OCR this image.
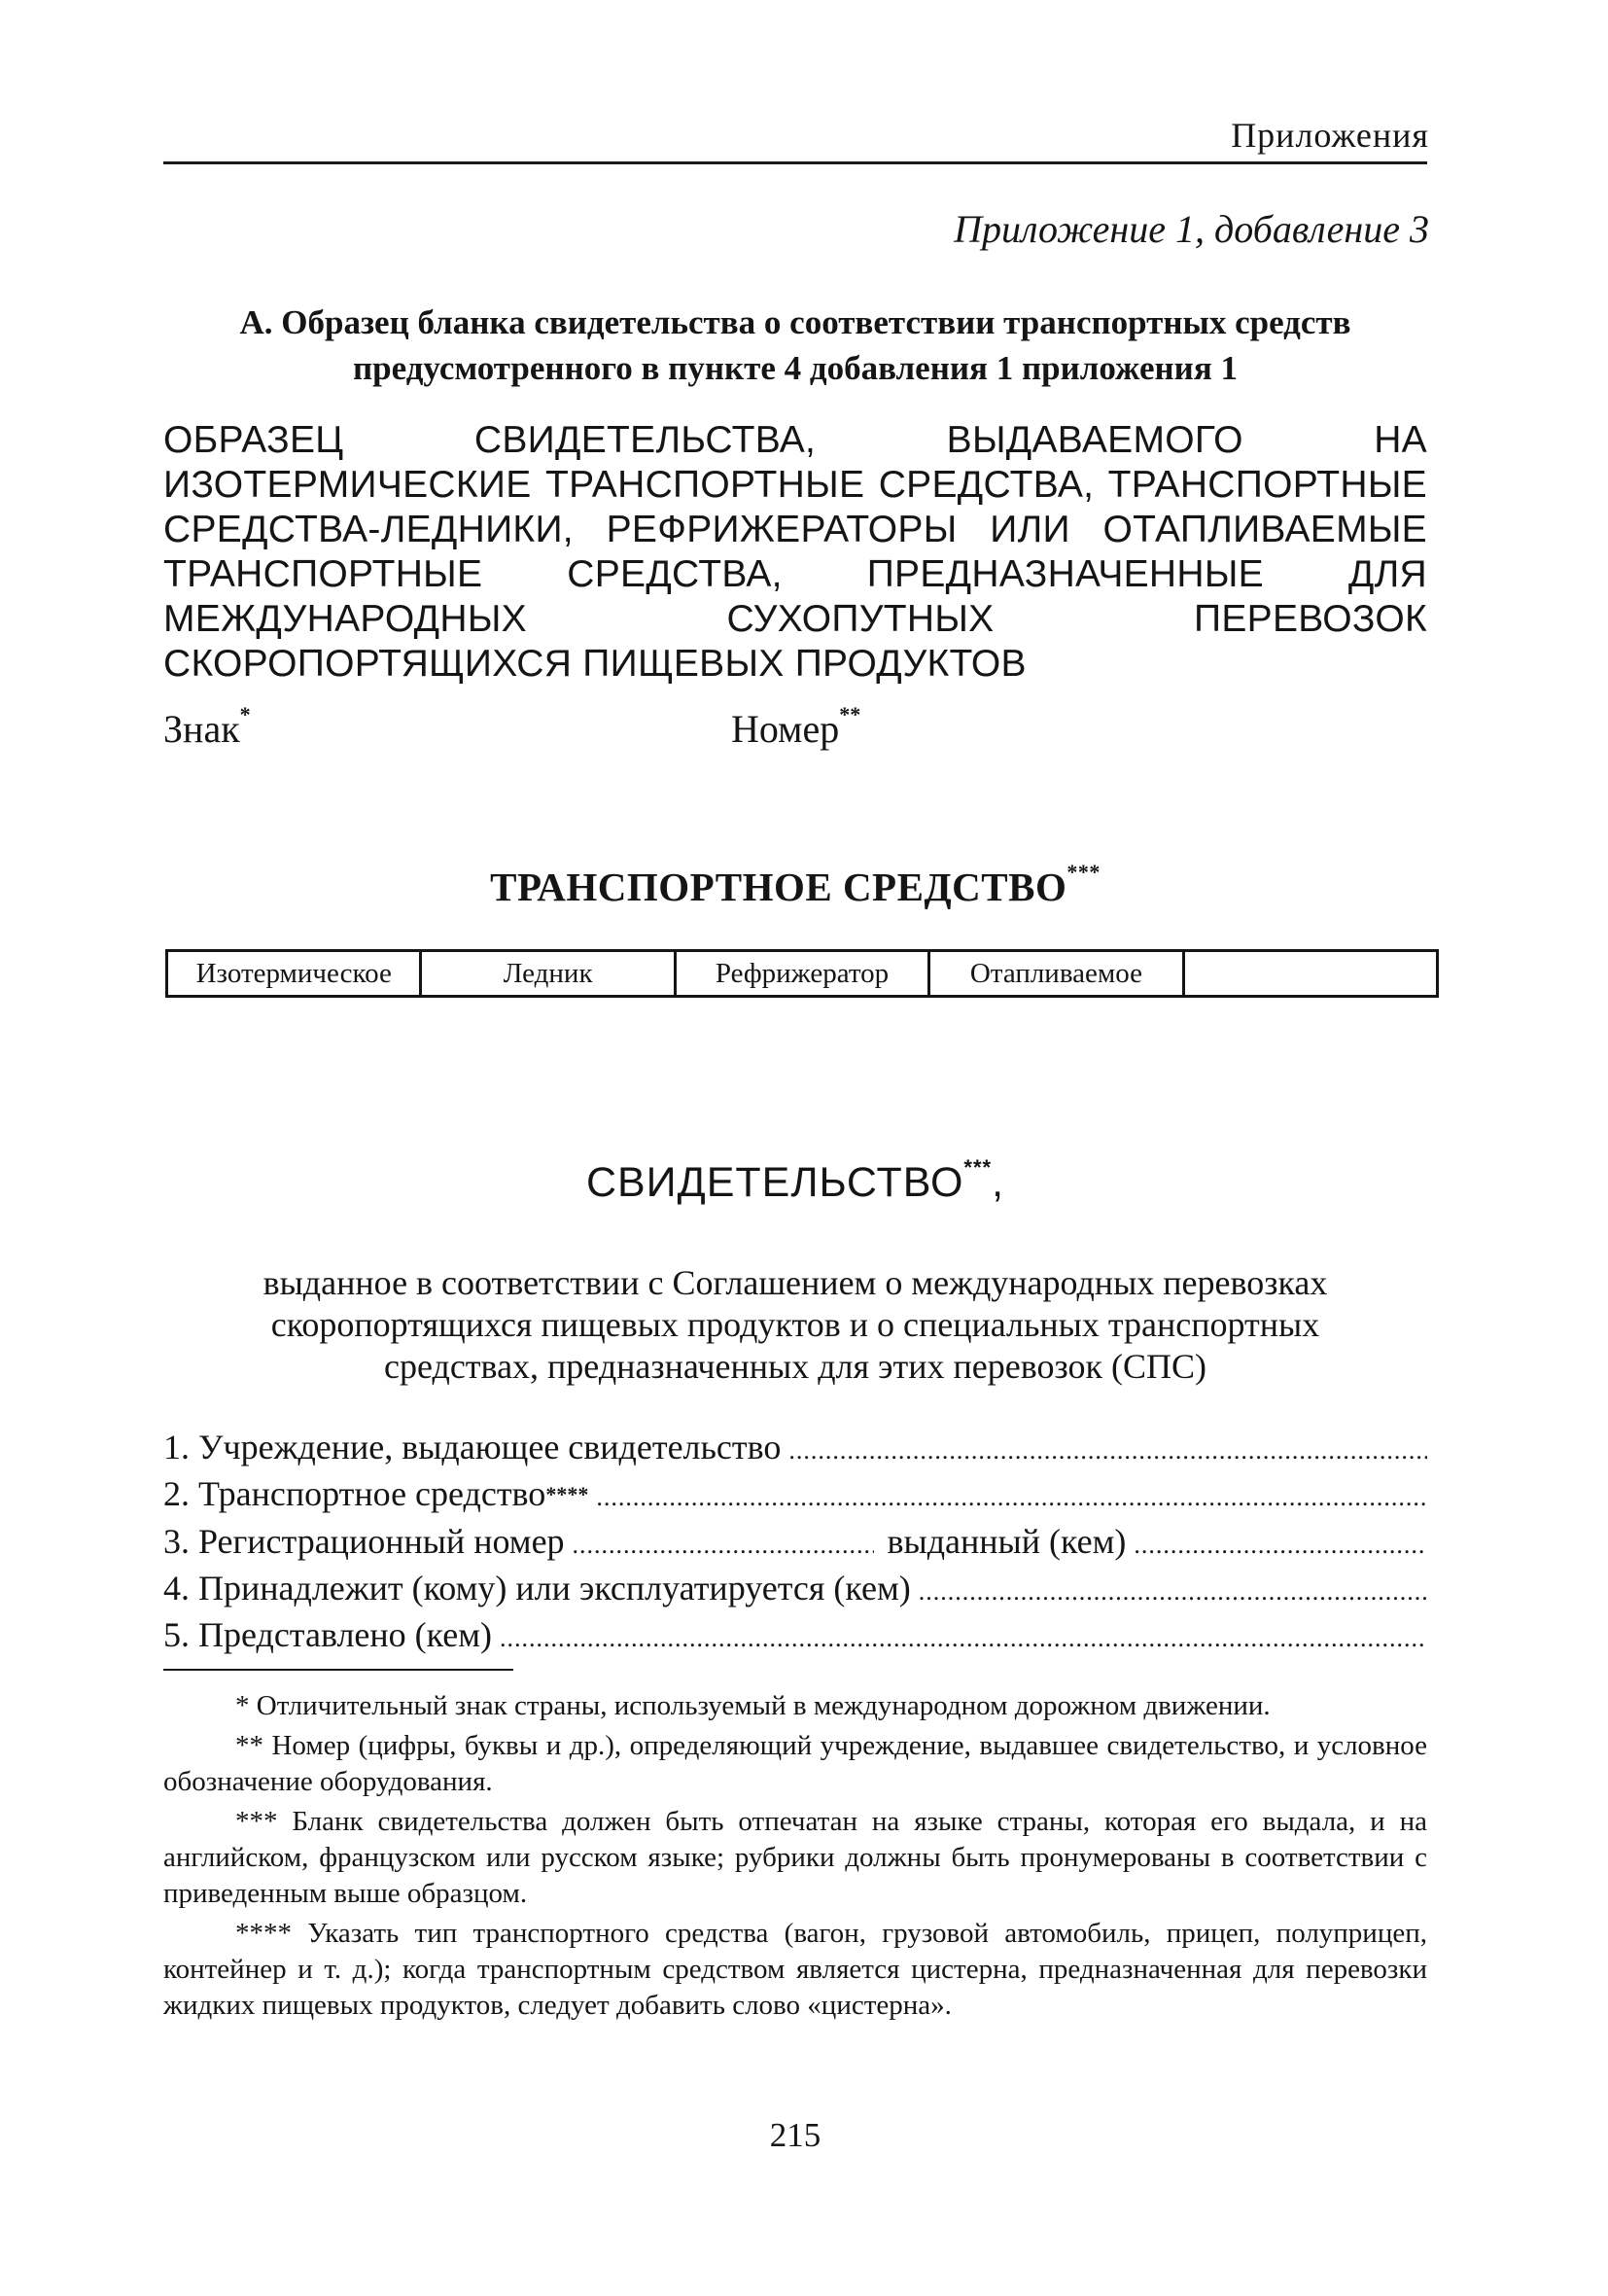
Приложения
Приложение 1, добавление 3
А. Образец бланка свидетельства о соответствии транспортных средств
предусмотренного в пункте 4 добавления 1 приложения 1
ОБРАЗЕЦ СВИДЕТЕЛЬСТВА, ВЫДАВАЕМОГО НА ИЗОТЕРМИЧЕСКИЕ ТРАНСПОРТНЫЕ СРЕДСТВА, ТРАНСПОРТНЫЕ СРЕДСТВА-ЛЕДНИКИ, РЕФРИЖЕРАТОРЫ ИЛИ ОТАПЛИВАЕМЫЕ ТРАНСПОРТНЫЕ СРЕДСТВА, ПРЕДНАЗНАЧЕННЫЕ ДЛЯ МЕЖДУНАРОДНЫХ СУХОПУТНЫХ ПЕРЕВОЗОК СКОРОПОРТЯЩИХСЯ ПИЩЕВЫХ ПРОДУКТОВ
Знак*	Номер**
ТРАНСПОРТНОЕ СРЕДСТВО***
Изотермическое	Ледник	Рефрижератор	Отапливаемое
СВИДЕТЕЛЬСТВО***,
выданное в соответствии с Соглашением о международных перевозках
скоропортящихся пищевых продуктов и о специальных транспортных
средствах, предназначенных для этих перевозок (СПС)
1. Учреждение, выдающее свидетельство
.....
2. Транспортное средство****
.....
3. Регистрационный номер
.....	выданный (кем)
.....
4. Принадлежит (кому) или эксплуатируется (кем)
.....
5. Представлено (кем)
.....

* Отличительный знак страны, используемый в международном дорожном движении.

** Номер (цифры, буквы и др.), определяющий учреждение, выдавшее свидетельство, и условное обозначение оборудования.

*** Бланк свидетельства должен быть отпечатан на языке страны, которая его выдала, и на английском, французском или русском языке; рубрики должны быть пронумерованы в соответствии с приведенным выше образцом.

**** Указать тип транспортного средства (вагон, грузовой автомобиль, прицеп, полуприцеп, контейнер и т. д.); когда транспортным средством является цистерна, предназначенная для перевозки жидких пищевых продуктов, следует добавить слово «цистерна».

215
